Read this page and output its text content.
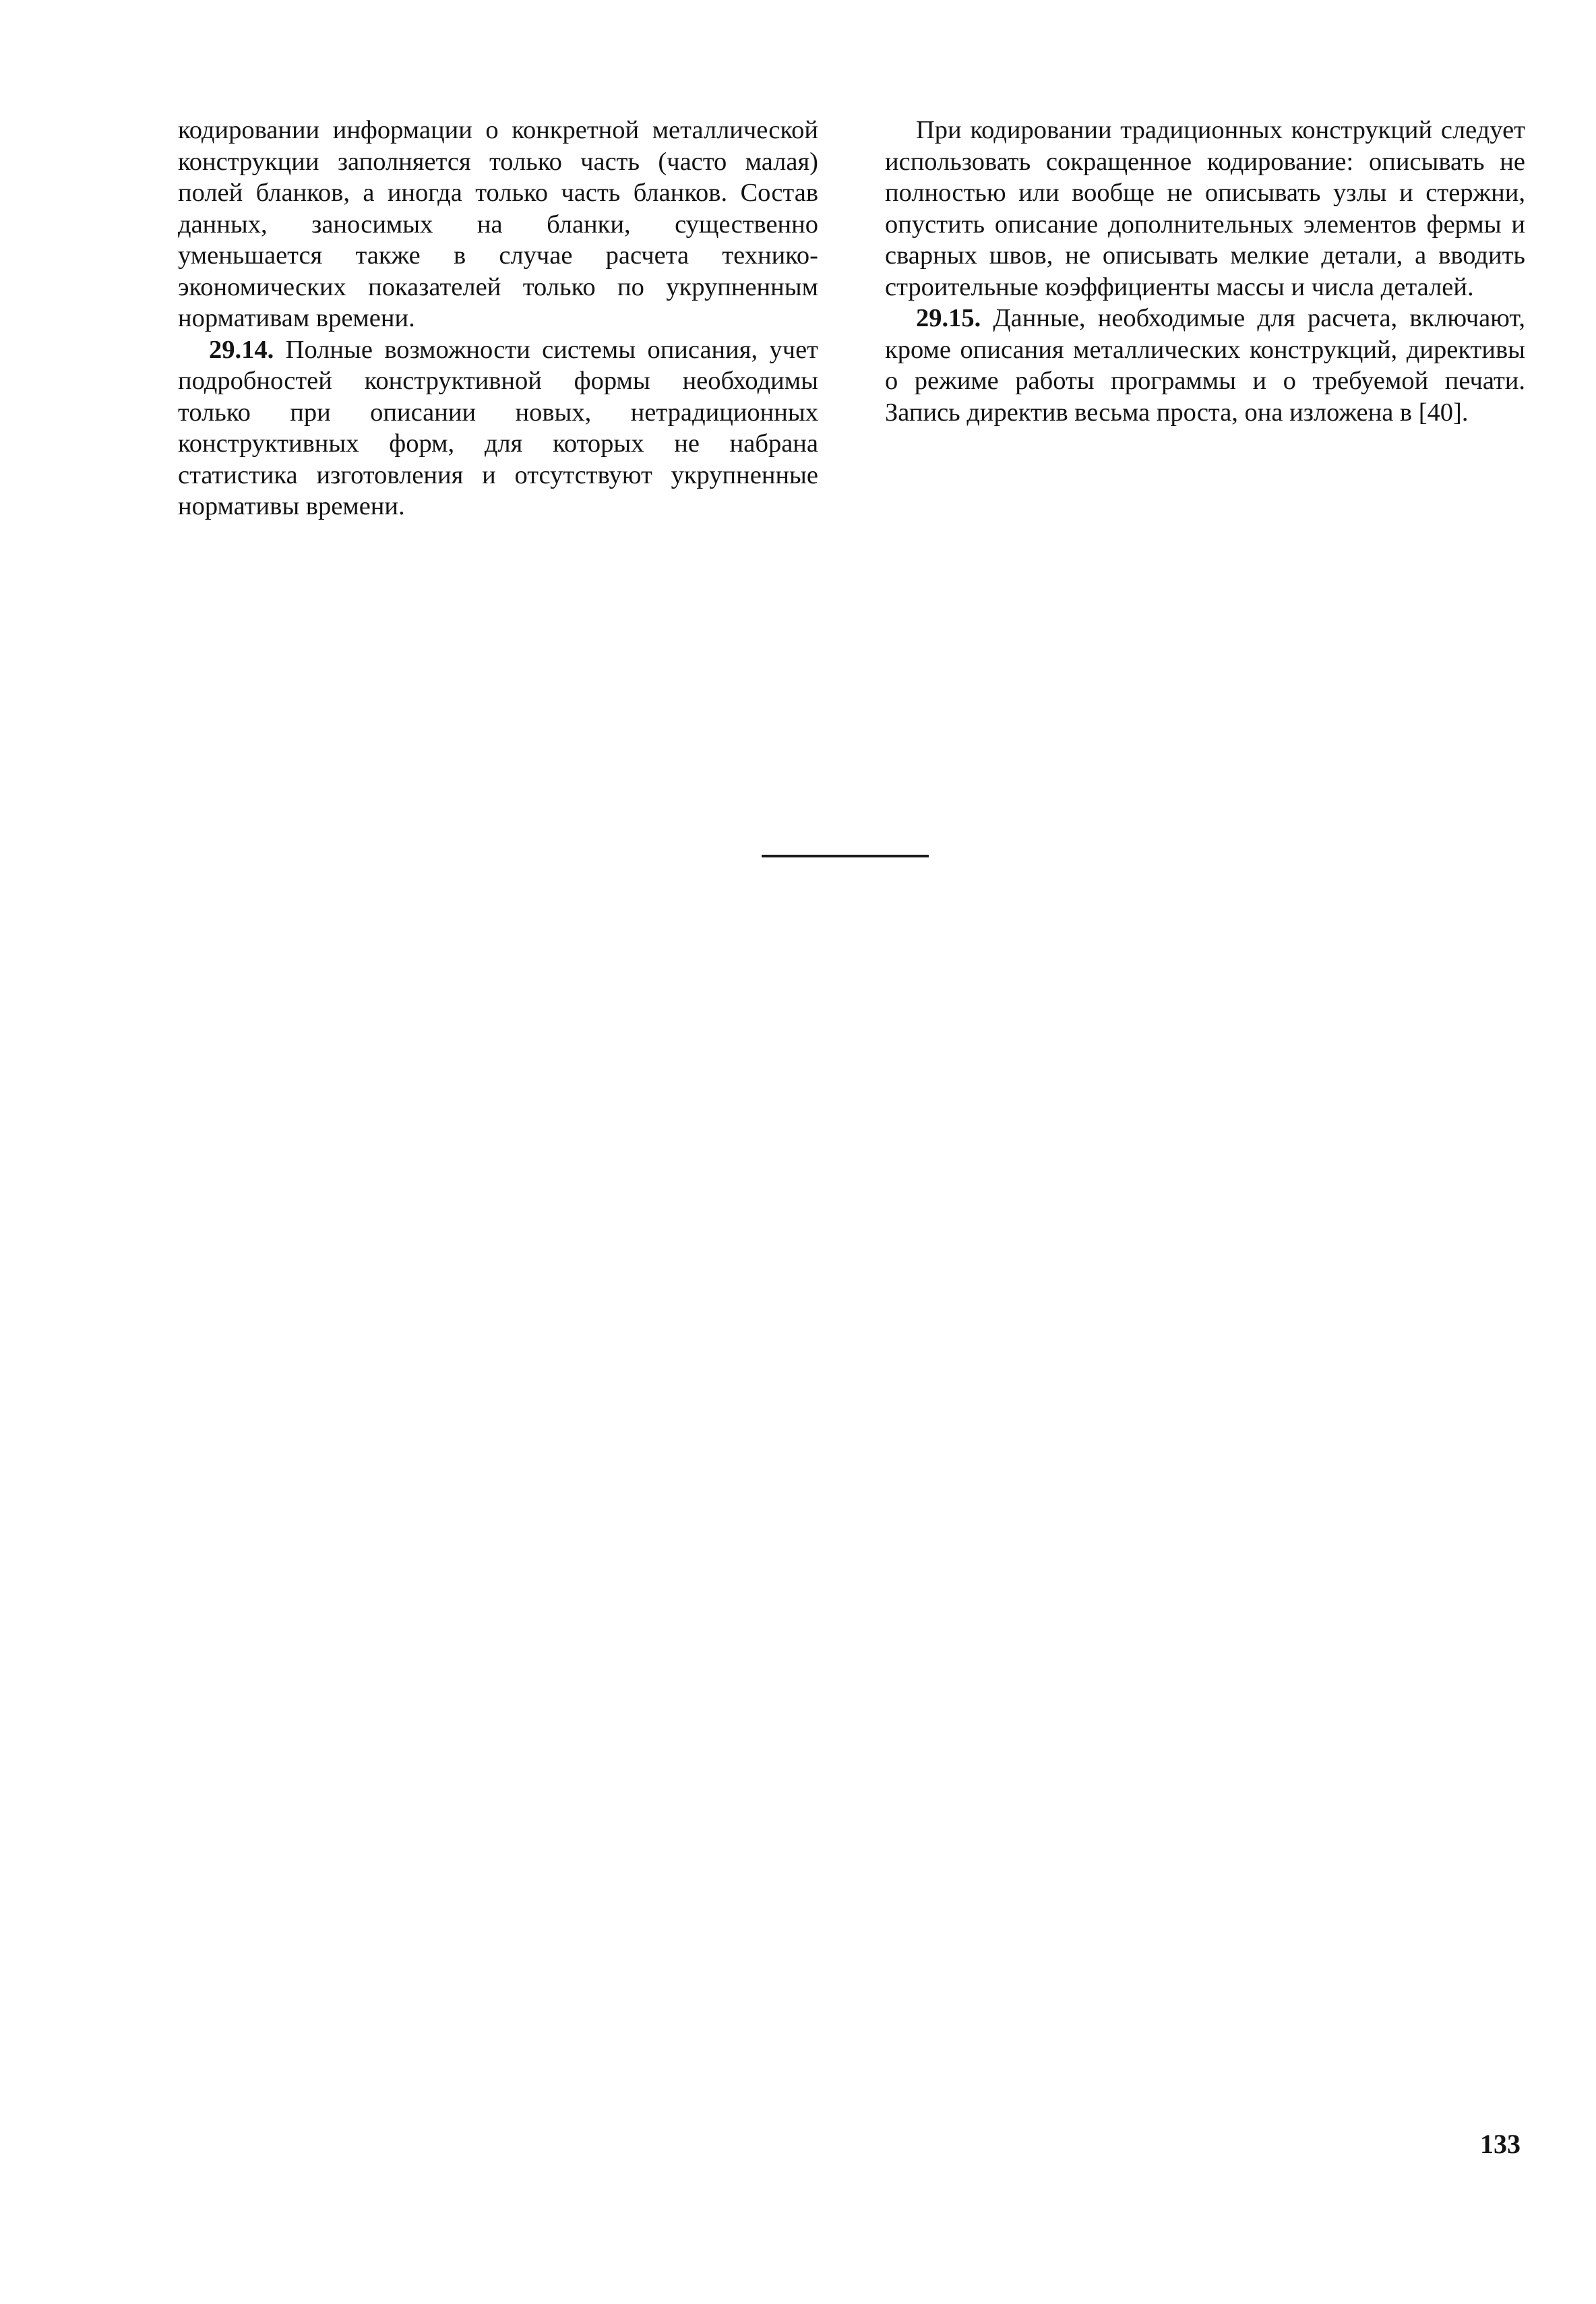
кодировании информации о конкретной металлической конструкции заполняется только часть (часто малая) полей бланков, а иногда только часть бланков. Состав данных, заносимых на бланки, существенно уменьшается также в случае расчета технико-экономических показателей только по укрупненным нормативам времени.

29.14. Полные возможности системы описания, учет подробностей конструктивной формы необходимы только при описании новых, нетрадиционных конструктивных форм, для которых не набрана статистика изготовления и отсутствуют укрупненные нормативы времени.

При кодировании традиционных конструкций следует использовать сокращенное кодирование: описывать не полностью или вообще не описывать узлы и стержни, опустить описание дополнительных элементов фермы и сварных швов, не описывать мелкие детали, а вводить строительные коэффициенты массы и числа деталей.

29.15. Данные, необходимые для расчета, включают, кроме описания металлических конструкций, директивы о режиме работы программы и о требуемой печати. Запись директив весьма проста, она изложена в [40].

133
